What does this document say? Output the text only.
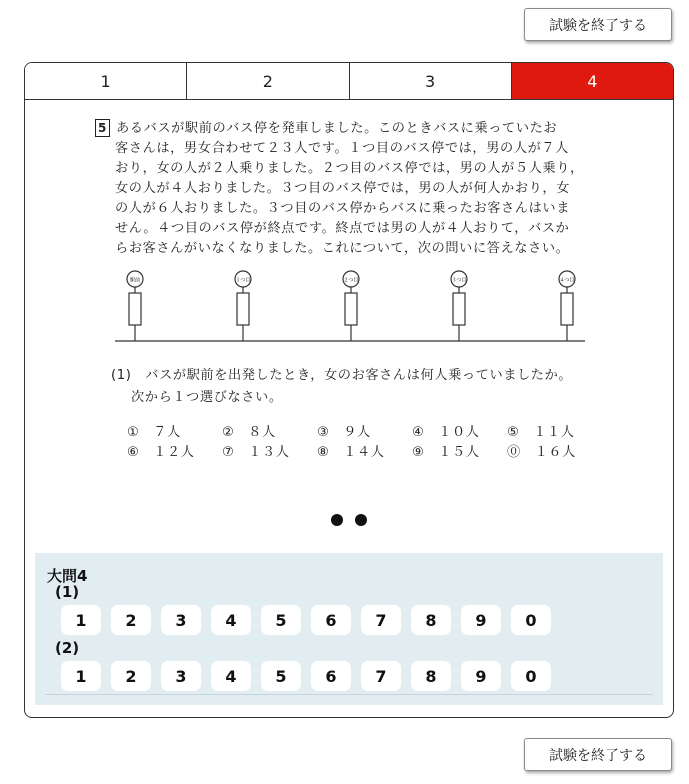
試験を終了する
1	2	3	4
5 あるバスが駅前のバス停を発車しました。このときバスに乗っていたお
客さんは，男女合わせて２３人です。１つ目のバス停では，男の人が７人
おり，女の人が２人乗りました。２つ目のバス停では，男の人が５人乗り，
女の人が４人おりました。３つ目のバス停では，男の人が何人かおり，女
の人が６人おりました。３つ目のバス停からバスに乗ったお客さんはいま
せん。４つ目のバス停が終点です。終点では男の人が４人おりて，バスか
らお客さんがいなくなりました。これについて，次の問いに答えなさい。
駅前	１つ目	２つ目	３つ目	４つ目
(1)　 バスが駅前を出発したとき，女のお客さんは何人乗っていましたか。
次から１つ選びなさい。
①　７人	②　８人	③　９人	④　１０人	⑤　１１人
⑥　１２人	⑦　１３人	⑧　１４人	⑨　１５人	⓪　１６人
大問4
(1)
1	2	3	4	5	6	7	8	9	0
(2)
1	2	3	4	5	6	7	8	9	0
試験を終了する
